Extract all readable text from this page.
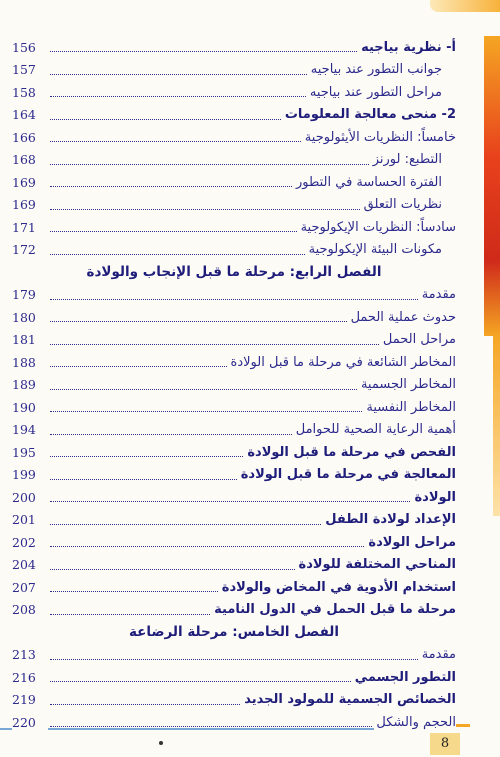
أ- نظرية بياجيه
156
جوانب التطور عند بياجيه
157
مراحل التطور عند بياجيه
158
2- منحى معالجة المعلومات
164
خامساً: النظريات الأيثولوجية
166
التطبع: لورنز
168
الفترة الحساسة في التطور
169
نظريات التعلق
169
سادساً: النظريات الإيكولوجية
171
مكونات البيئة الإيكولوجية
172
الفصل الرابع: مرحلة ما قبل الإنجاب والولادة
مقدمة
179
حدوث عملية الحمل
180
مراحل الحمل
181
المخاطر الشائعة في مرحلة ما قبل الولادة
188
المخاطر الجسمية
189
المخاطر النفسية
190
أهمية الرعاية الصحية للحوامل
194
الفحص في مرحلة ما قبل الولادة
195
المعالجة في مرحلة ما قبل الولادة
199
الولادة
200
الإعداد لولادة الطفل
201
مراحل الولادة
202
المناحي المختلفة للولادة
204
استخدام الأدوية في المخاض والولادة
207
مرحلة ما قبل الحمل في الدول النامية
208
الفصل الخامس: مرحلة الرضاعة
مقدمة
213
التطور الجسمي
216
الخصائص الجسمية للمولود الجديد
219
الحجم والشكل
220
8
